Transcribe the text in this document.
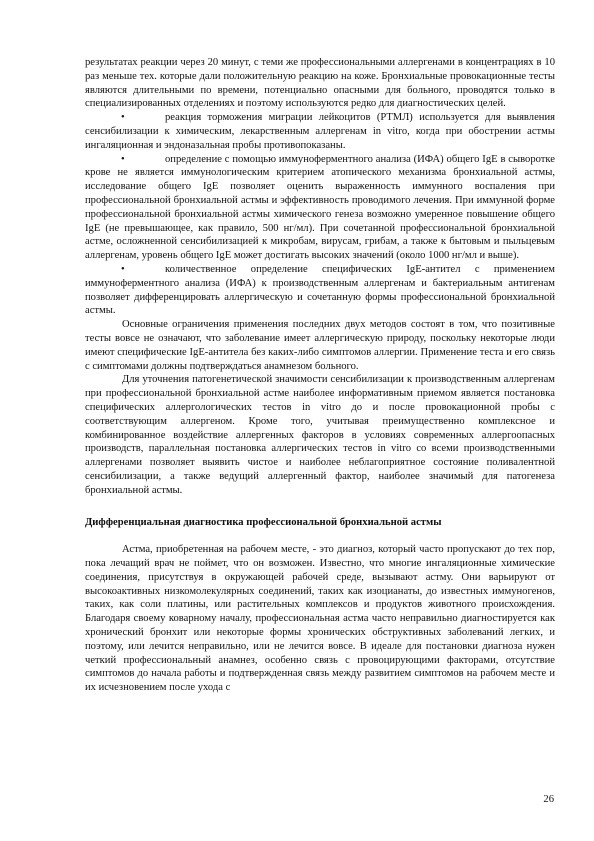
результатах реакции через 20 минут, с теми же профессиональными аллергенами в концентрациях в 10 раз меньше тех. которые дали положительную реакцию на коже. Бронхиальные провокационные тесты являются длительными по времени, потенциально опасными для больного, проводятся только в специализированных отделениях и поэтому используются редко для диагностических целей.

•	реакция торможения миграции лейкоцитов (РТМЛ) используется для выявления сенсибилизации к химическим, лекарственным аллергенам in vitro, когда при обострении астмы ингаляционная и эндоназальная пробы противопоказаны.

•	определение с помощью иммуноферментного анализа (ИФА) общего IgE в сыворотке крове не является иммунологическим критерием атопического механизма бронхиальной астмы, исследование общего IgE позволяет оценить выраженность иммунного воспаления при профессиональной бронхиальной астмы и эффективность проводимого лечения. При иммунной форме профессиональной бронхиальной астмы химического генеза возможно умеренное повышение общего IgE (не превышающее, как правило, 500 нг/мл). При сочетанной профессиональной бронхиальной астме, осложненной сенсибилизацией к микробам, вирусам, грибам, а также к бытовым и пыльцевым аллергенам, уровень общего IgE может достигать высоких значений (около 1000 нг/мл и выше).

•	количественное определение специфических IgE-антител с применением иммуноферментного анализа (ИФА) к производственным аллергенам и бактериальным антигенам позволяет дифференцировать аллергическую и сочетанную формы профессиональной бронхиальной астмы.

Основные ограничения применения последних двух методов состоят в том, что позитивные тесты вовсе не означают, что заболевание имеет аллергическую природу, поскольку некоторые люди имеют специфические IgE-антитела без каких-либо симптомов аллергии. Применение теста и его связь с симптомами должны подтверждаться анамнезом больного.

Для уточнения патогенетической значимости сенсибилизации к производственным аллергенам при профессиональной бронхиальной астме наиболее информативным приемом является постановка специфических аллергологических тестов in vitro до и после провокационной пробы с соответствующим аллергеном. Кроме того, учитывая преимущественно комплексное и комбинированное воздействие аллергенных факторов в условиях современных аллергоопасных производств, параллельная постановка аллергических тестов in vitro со всеми производственными аллергенами позволяет выявить чистое и наиболее неблагоприятное состояние поливалентной сенсибилизации, а также ведущий аллергенный фактор, наиболее значимый для патогенеза бронхиальной астмы.

Дифференциальная диагностика профессиональной бронхиальной астмы

Астма, приобретенная на рабочем месте, - это диагноз, который часто пропускают до тех пор, пока лечащий врач не поймет, что он возможен. Известно, что многие ингаляционные химические соединения, присутствуя в окружающей рабочей среде, вызывают астму. Они варьируют от высокоактивных низкомолекулярных соединений, таких как изоцианаты, до известных иммуногенов, таких, как соли платины, или растительных комплексов и продуктов животного происхождения. Благодаря своему коварному началу, профессиональная астма часто неправильно диагностируется как хронический бронхит или некоторые формы хронических обструктивных заболеваний легких, и поэтому, или лечится неправильно, или не лечится вовсе. В идеале для постановки диагноза нужен четкий профессиональный анамнез, особенно связь с провоцирующими факторами, отсутствие симптомов до начала работы и подтвержденная связь между развитием симптомов на рабочем месте и их исчезновением после ухода с

26
